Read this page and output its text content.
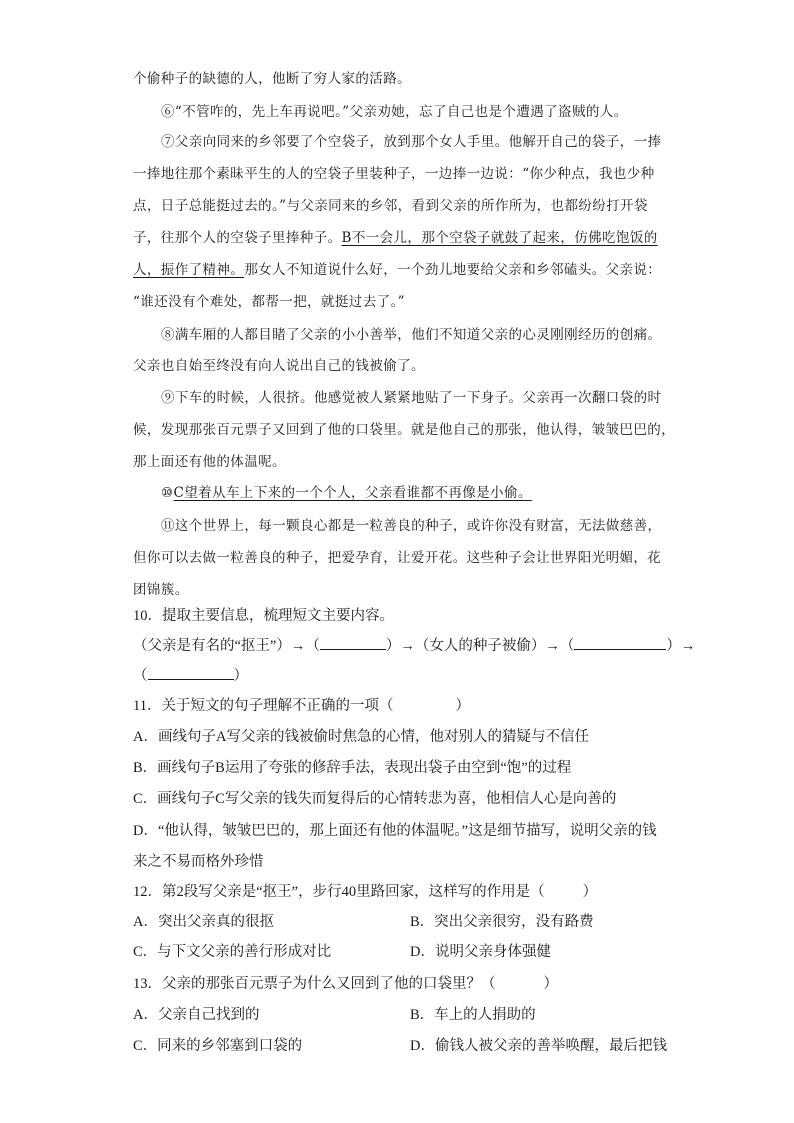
个偷种子的缺德的人，他断了穷人家的活路。
⑥“不管咋的，先上车再说吧。”父亲劝她，忘了自己也是个遭遇了盗贼的人。
⑦父亲向同来的乡邻要了个空袋子，放到那个女人手里。他解开自己的袋子，一捧
一捧地往那个素昧平生的人的空袋子里装种子，一边捧一边说：“你少种点，我也少种
点，日子总能挺过去的。”与父亲同来的乡邻，看到父亲的所作所为，也都纷纷打开袋
子，往那个人的空袋子里捧种子。B不一会儿，那个空袋子就鼓了起来，仿佛吃饱饭的
人，振作了精神。那女人不知道说什么好，一个劲儿地要给父亲和乡邻磕头。父亲说：
“谁还没有个难处，都帮一把，就挺过去了。”
⑧满车厢的人都目睹了父亲的小小善举，他们不知道父亲的心灵刚刚经历的创痛。
父亲也自始至终没有向人说出自己的钱被偷了。
⑨下车的时候，人很挤。他感觉被人紧紧地贴了一下身子。父亲再一次翻口袋的时
候，发现那张百元票子又回到了他的口袋里。就是他自己的那张，他认得，皱皱巴巴的，
那上面还有他的体温呢。
⑩C望着从车上下来的一个个人，父亲看谁都不再像是小偷。
⑪这个世界上，每一颗良心都是一粒善良的种子，或许你没有财富，无法做慈善，
但你可以去做一粒善良的种子，把爱孕育，让爱开花。这些种子会让世界阳光明媚，花
团锦簇。
10．提取主要信息，梳理短文主要内容。
（父亲是有名的“抠王”）→（	）→（女人的种子被偷）→（	）→
（	）
11．关于短文的句子理解不正确的一项（	）
A．画线句子A写父亲的钱被偷时焦急的心情，他对别人的猜疑与不信任
B．画线句子B运用了夸张的修辞手法，表现出袋子由空到“饱”的过程
C．画线句子C写父亲的钱失而复得后的心情转悲为喜，他相信人心是向善的
D．“他认得，皱皱巴巴的，那上面还有他的体温呢。”这是细节描写，说明父亲的钱
来之不易而格外珍惜
12．第2段写父亲是“抠王”，步行40里路回家，这样写的作用是（	）
A．突出父亲真的很抠	B．突出父亲很穷，没有路费
C．与下文父亲的善行形成对比	D．说明父亲身体强健
13．父亲的那张百元票子为什么又回到了他的口袋里？（	）
A．父亲自己找到的	B．车上的人捐助的
C．同来的乡邻塞到口袋的	D．偷钱人被父亲的善举唤醒，最后把钱
